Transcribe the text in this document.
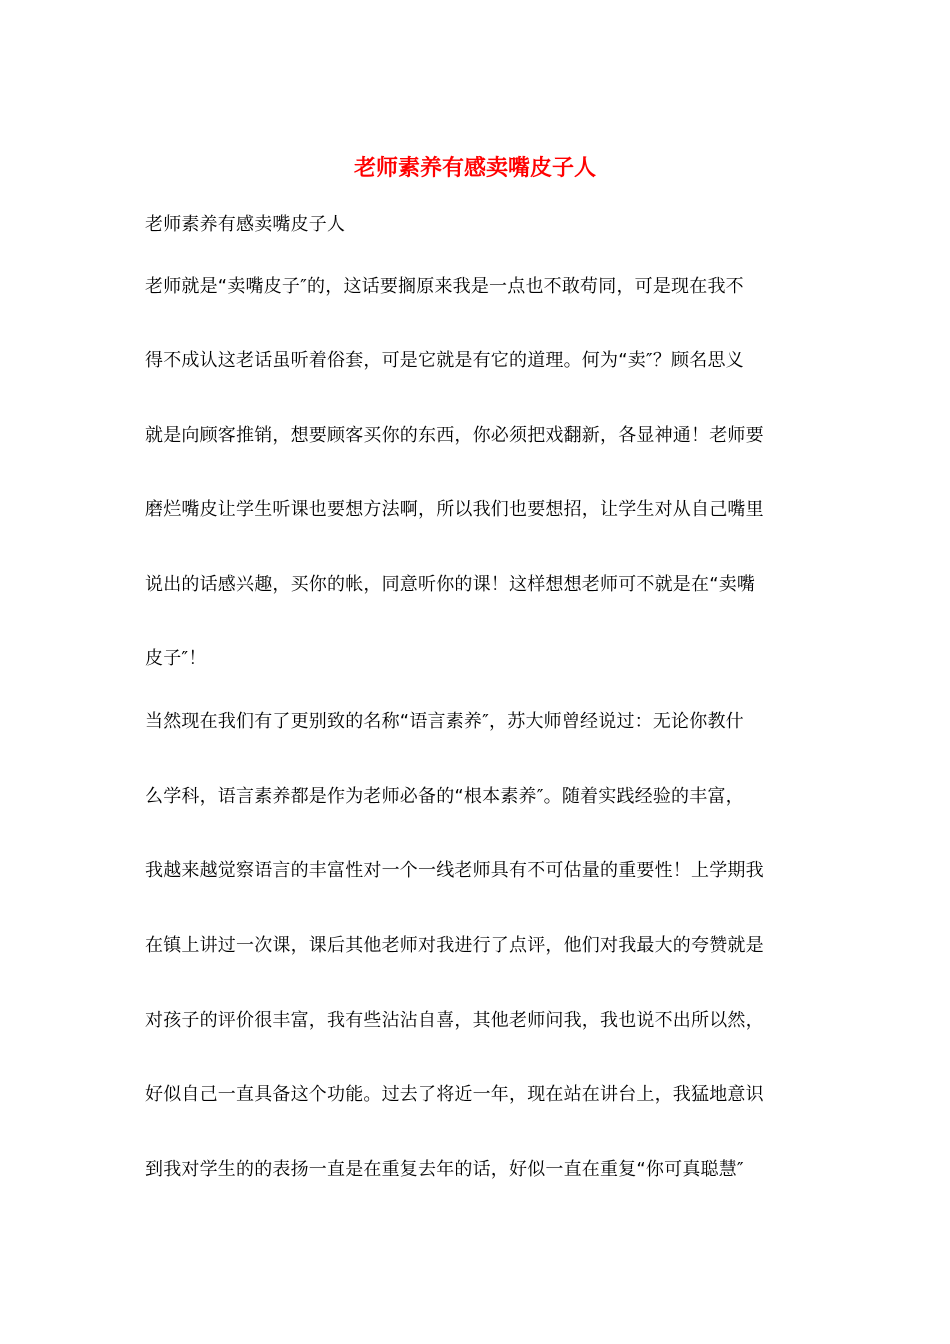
老师素养有感卖嘴皮子人
老师素养有感卖嘴皮子人
老师就是“卖嘴皮子″的，这话要搁原来我是一点也不敢苟同，可是现在我不
得不成认这老话虽听着俗套，可是它就是有它的道理。何为“卖″？顾名思义
就是向顾客推销，想要顾客买你的东西，你必须把戏翻新，各显神通！老师要
磨烂嘴皮让学生听课也要想方法啊，所以我们也要想招，让学生对从自己嘴里
说出的话感兴趣，买你的帐，同意听你的课！这样想想老师可不就是在“卖嘴
皮子″！
当然现在我们有了更别致的名称“语言素养″，苏大师曾经说过：无论你教什
么学科，语言素养都是作为老师必备的“根本素养″。随着实践经验的丰富，
我越来越觉察语言的丰富性对一个一线老师具有不可估量的重要性！上学期我
在镇上讲过一次课，课后其他老师对我进行了点评，他们对我最大的夸赞就是
对孩子的评价很丰富，我有些沾沾自喜，其他老师问我，我也说不出所以然，
好似自己一直具备这个功能。过去了将近一年，现在站在讲台上，我猛地意识
到我对学生的的表扬一直是在重复去年的话，好似一直在重复“你可真聪慧″
